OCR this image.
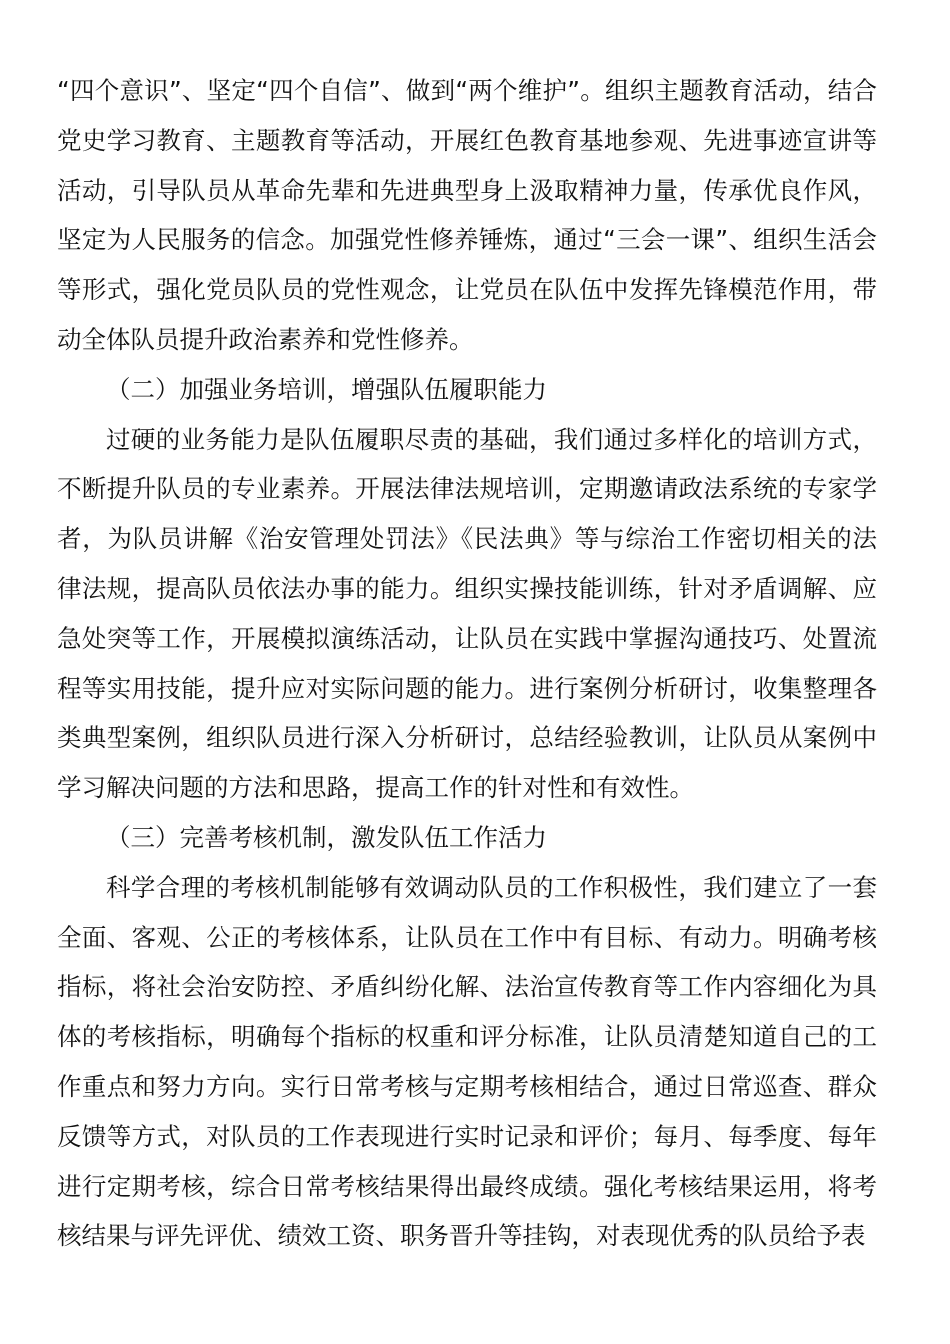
“四个意识”、坚定“四个自信”、做到“两个维护”。组织主题教育活动，结合党史学习教育、主题教育等活动，开展红色教育基地参观、先进事迹宣讲等活动，引导队员从革命先辈和先进典型身上汲取精神力量，传承优良作风，坚定为人民服务的信念。加强党性修养锤炼，通过“三会一课”、组织生活会等形式，强化党员队员的党性观念，让党员在队伍中发挥先锋模范作用，带动全体队员提升政治素养和党性修养。

（二）加强业务培训，增强队伍履职能力

过硬的业务能力是队伍履职尽责的基础，我们通过多样化的培训方式，不断提升队员的专业素养。开展法律法规培训，定期邀请政法系统的专家学者，为队员讲解《治安管理处罚法》《民法典》等与综治工作密切相关的法律法规，提高队员依法办事的能力。组织实操技能训练，针对矛盾调解、应急处突等工作，开展模拟演练活动，让队员在实践中掌握沟通技巧、处置流程等实用技能，提升应对实际问题的能力。进行案例分析研讨，收集整理各类典型案例，组织队员进行深入分析研讨，总结经验教训，让队员从案例中学习解决问题的方法和思路，提高工作的针对性和有效性。

（三）完善考核机制，激发队伍工作活力

科学合理的考核机制能够有效调动队员的工作积极性，我们建立了一套全面、客观、公正的考核体系，让队员在工作中有目标、有动力。明确考核指标，将社会治安防控、矛盾纠纷化解、法治宣传教育等工作内容细化为具体的考核指标，明确每个指标的权重和评分标准，让队员清楚知道自己的工作重点和努力方向。实行日常考核与定期考核相结合，通过日常巡查、群众反馈等方式，对队员的工作表现进行实时记录和评价；每月、每季度、每年进行定期考核，综合日常考核结果得出最终成绩。强化考核结果运用，将考核结果与评先评优、绩效工资、职务晋升等挂钩，对表现优秀的队员给予表
